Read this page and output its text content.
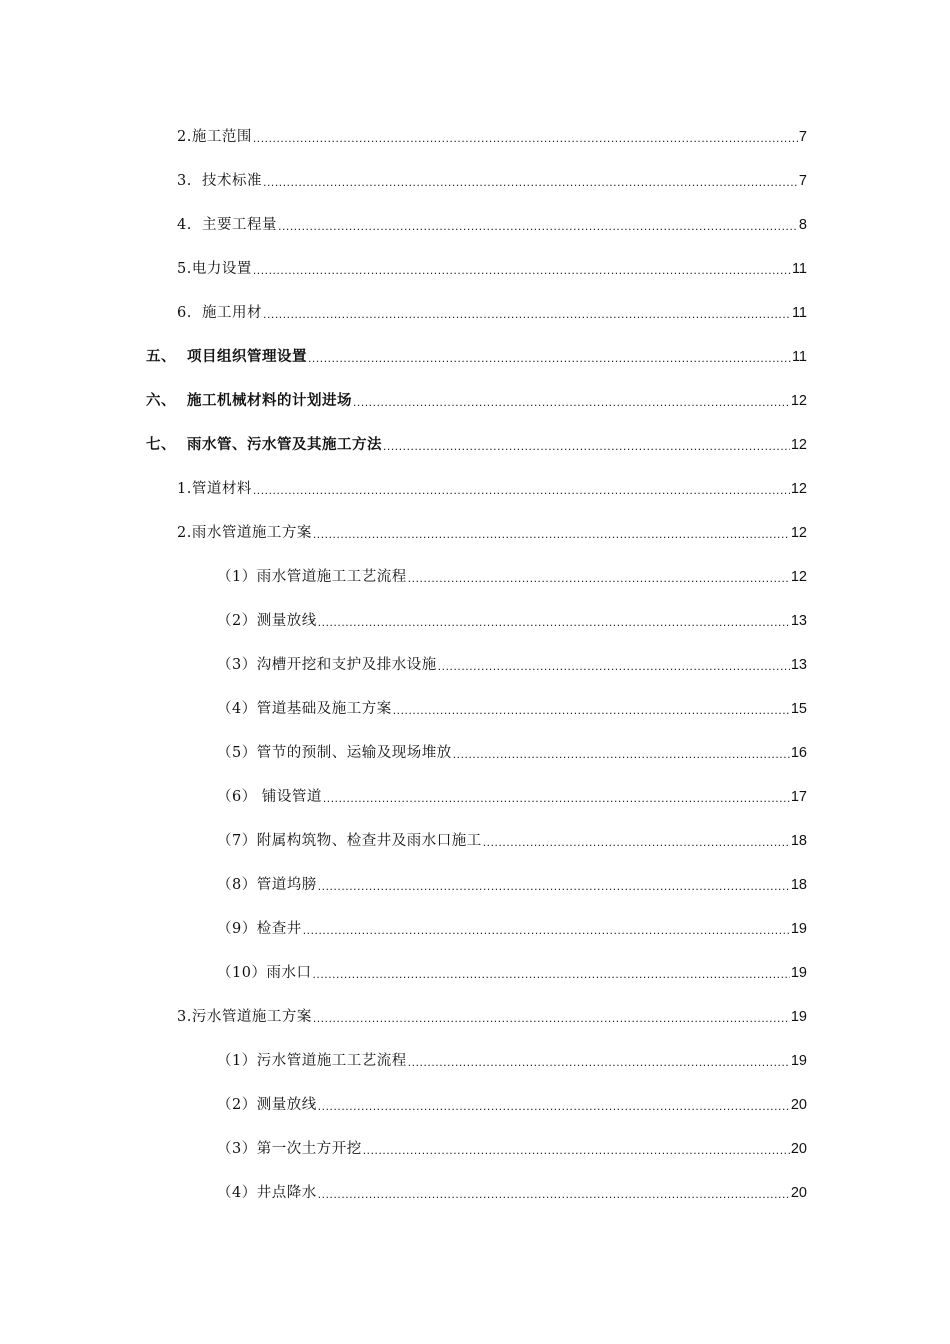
2.施工范围 .....	7
3.  技术标准 .....	7
4.  主要工程量 .....	8
5.电力设置 .....	11
6.  施工用材 .....	11
五、 项目组织管理设置 .....	11
六、 施工机械材料的计划进场 .....	12
七、 雨水管、污水管及其施工方法 .....	12
1.管道材料 .....	12
2.雨水管道施工方案 .....	12
（1）雨水管道施工工艺流程 .....	12
（2）测量放线 .....	13
（3）沟槽开挖和支护及排水设施 .....	13
（4）管道基础及施工方案 .....	15
（5）管节的预制、运输及现场堆放 .....	16
（6） 铺设管道 .....	17
（7）附属构筑物、检查井及雨水口施工 .....	18
（8）管道坞膀 .....	18
（9）检查井 .....	19
（10）雨水口 .....	19
3.污水管道施工方案 .....	19
（1）污水管道施工工艺流程 .....	19
（2）测量放线 .....	20
（3）第一次土方开挖 .....	20
（4）井点降水 .....	20
